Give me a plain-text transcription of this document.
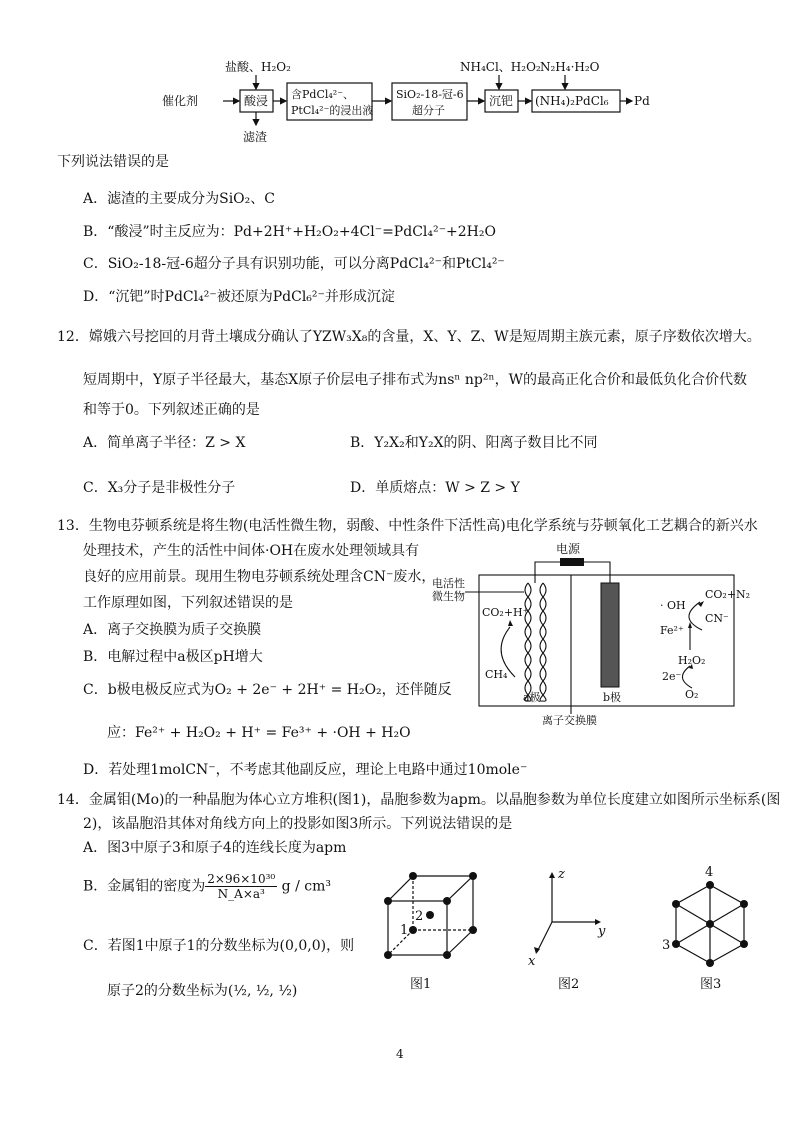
盐酸、H₂O₂
催化剂	酸浸
滤渣
含PdCl₄²⁻、
PtCl₄²⁻的浸出液
SiO₂-18-冠-6
超分子
NH₄Cl、H₂O₂
沉钯
N₂H₄·H₂O
(NH₄)₂PdCl₆ Pd
下列说法错误的是
A．滤渣的主要成分为SiO₂、C
B．“酸浸”时主反应为：Pd+2H⁺+H₂O₂+4Cl⁻=PdCl₄²⁻+2H₂O
C．SiO₂-18-冠-6超分子具有识别功能，可以分离PdCl₄²⁻和PtCl₄²⁻
D．“沉钯”时PdCl₄²⁻被还原为PdCl₆²⁻并形成沉淀
12．嫦娥六号挖回的月背土壤成分确认了YZW₃X₈的含量，X、Y、Z、W是短周期主族元素，原子序数依次增大。
短周期中，Y原子半径最大，基态X原子价层电子排布式为nsⁿ np²ⁿ，W的最高正化合价和最低负化合价代数
和等于0。下列叙述正确的是
A．简单离子半径：Z > X	B．Y₂X₂和Y₂X的阴、阳离子数目比不同
C．X₃分子是非极性分子	D．单质熔点：W > Z > Y
13．生物电芬顿系统是将生物(电活性微生物，弱酸、中性条件下活性高)电化学系统与芬顿氧化工艺耦合的新兴水
处理技术，产生的活性中间体·OH在废水处理领域具有
良好的应用前景。现用生物电芬顿系统处理含CN⁻废水，
工作原理如图，下列叙述错误的是
A．离子交换膜为质子交换膜
B．电解过程中a极区pH增大
C．b极电极反应式为O₂ + 2e⁻ + 2H⁺ = H₂O₂，还伴随反
应：Fe²⁺ + H₂O₂ + H⁺ = Fe³⁺ + ·OH + H₂O
D．若处理1molCN⁻，不考虑其他副反应，理论上电路中通过10mole⁻
电源
电活性
微生物
CO₂+H⁺
CH₄
a极	b极
离子交换膜
· OH
CO₂+N₂
CN⁻
Fe²⁺
H₂O₂
2e⁻
O₂
14．金属钼(Mo)的一种晶胞为体心立方堆积(图1)，晶胞参数为apm。以晶胞参数为单位长度建立如图所示坐标系(图
2)，该晶胞沿其体对角线方向上的投影如图3所示。下列说法错误的是
A．图3中原子3和原子4的连线长度为apm
B．金属钼的密度为 $\frac{\text{2×96×10³⁰}}{\text{N\_A×a³}}$ g / cm³
C．若图1中原子1的分数坐标为(0,0,0)，则
原子2的分数坐标为(½, ½, ½)
1
2
3
4
z
y
x
图1	图2	图3
4
